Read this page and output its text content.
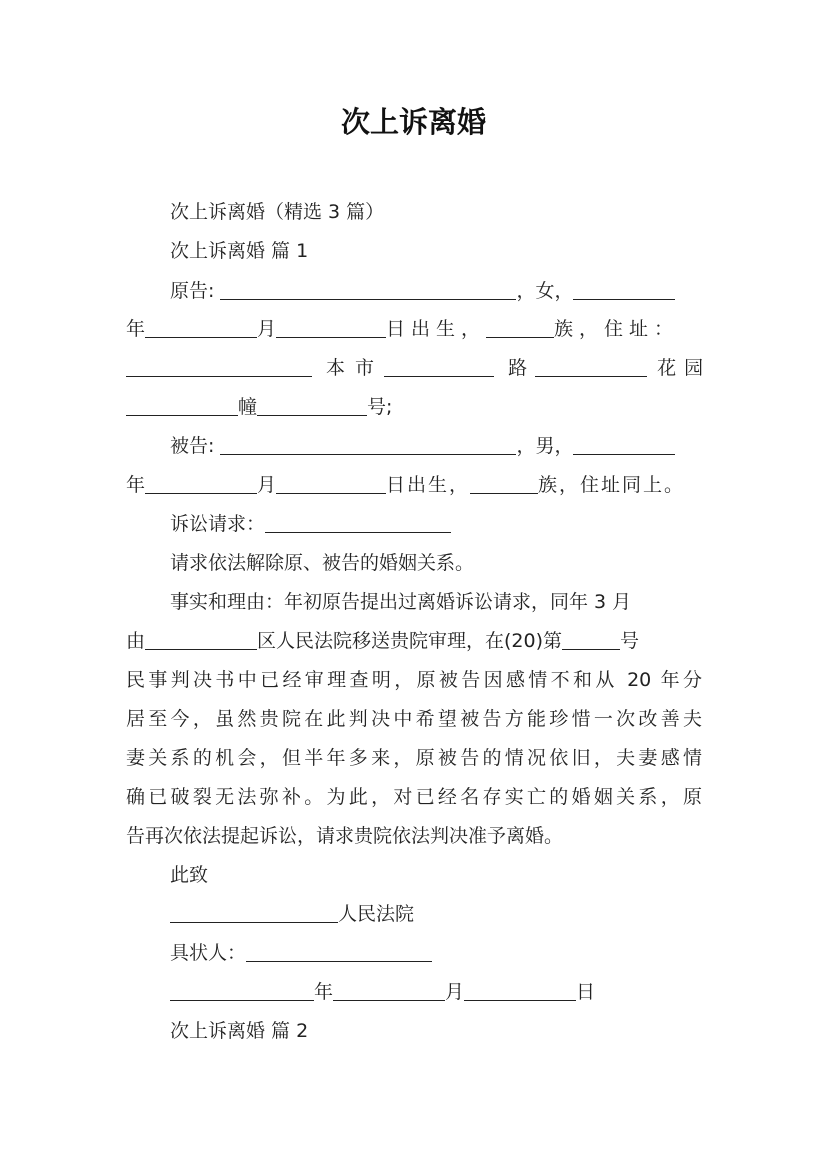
次上诉离婚
次上诉离婚（精选 3 篇）
次上诉离婚 篇 1
原告:	，女，
年	月	日出生，	族，住址：
本市	路	花园
幢	号;
被告:	，男，
年	月	日出生，	族，住址同上。
诉讼请求：
请求依法解除原、被告的婚姻关系。
事实和理由：年初原告提出过离婚诉讼请求，同年 3 月
由	区人民法院移送贵院审理，在(20)第	号
民事判决书中已经审理查明，原被告因感情不和从 20 年分
居至今，虽然贵院在此判决中希望被告方能珍惜一次改善夫
妻关系的机会，但半年多来，原被告的情况依旧，夫妻感情
确已破裂无法弥补。为此，对已经名存实亡的婚姻关系，原
告再次依法提起诉讼，请求贵院依法判决准予离婚。
此致
人民法院
具状人：
年	月	日
次上诉离婚 篇 2
